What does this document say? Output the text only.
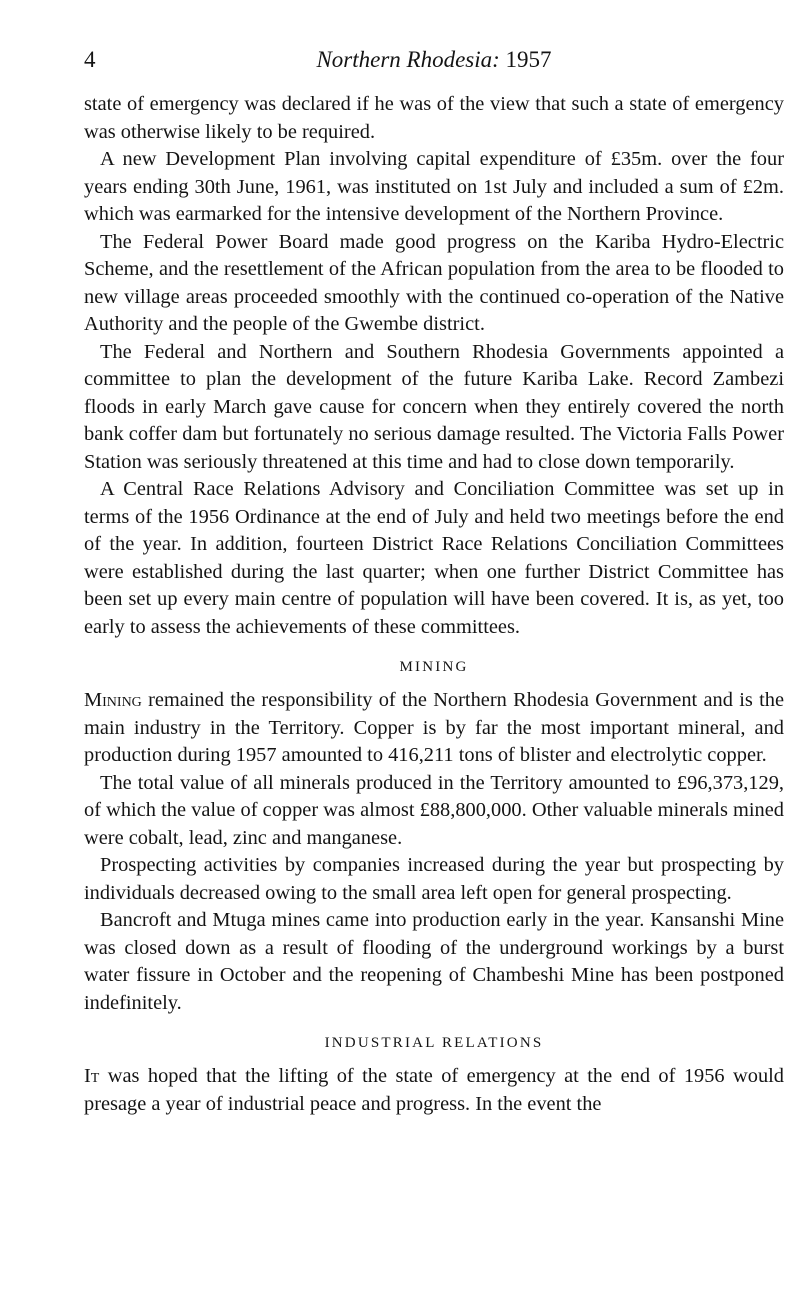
4	Northern Rhodesia: 1957

state of emergency was declared if he was of the view that such a state of emergency was otherwise likely to be required.

A new Development Plan involving capital expenditure of £35m. over the four years ending 30th June, 1961, was instituted on 1st July and included a sum of £2m. which was earmarked for the intensive development of the Northern Province.

The Federal Power Board made good progress on the Kariba Hydro-Electric Scheme, and the resettlement of the African population from the area to be flooded to new village areas proceeded smoothly with the continued co-operation of the Native Authority and the people of the Gwembe district.

The Federal and Northern and Southern Rhodesia Governments appointed a committee to plan the development of the future Kariba Lake. Record Zambezi floods in early March gave cause for concern when they entirely covered the north bank coffer dam but fortunately no serious damage resulted. The Victoria Falls Power Station was seriously threatened at this time and had to close down temporarily.

A Central Race Relations Advisory and Conciliation Committee was set up in terms of the 1956 Ordinance at the end of July and held two meetings before the end of the year. In addition, fourteen District Race Relations Conciliation Committees were established during the last quarter; when one further District Committee has been set up every main centre of population will have been covered. It is, as yet, too early to assess the achievements of these committees.

MINING

Mining remained the responsibility of the Northern Rhodesia Government and is the main industry in the Territory. Copper is by far the most important mineral, and production during 1957 amounted to 416,211 tons of blister and electrolytic copper.

The total value of all minerals produced in the Territory amounted to £96,373,129, of which the value of copper was almost £88,800,000. Other valuable minerals mined were cobalt, lead, zinc and manganese.

Prospecting activities by companies increased during the year but prospecting by individuals decreased owing to the small area left open for general prospecting.

Bancroft and Mtuga mines came into production early in the year. Kansanshi Mine was closed down as a result of flooding of the underground workings by a burst water fissure in October and the reopening of Chambeshi Mine has been postponed indefinitely.

INDUSTRIAL RELATIONS

It was hoped that the lifting of the state of emergency at the end of 1956 would presage a year of industrial peace and progress. In the event the
